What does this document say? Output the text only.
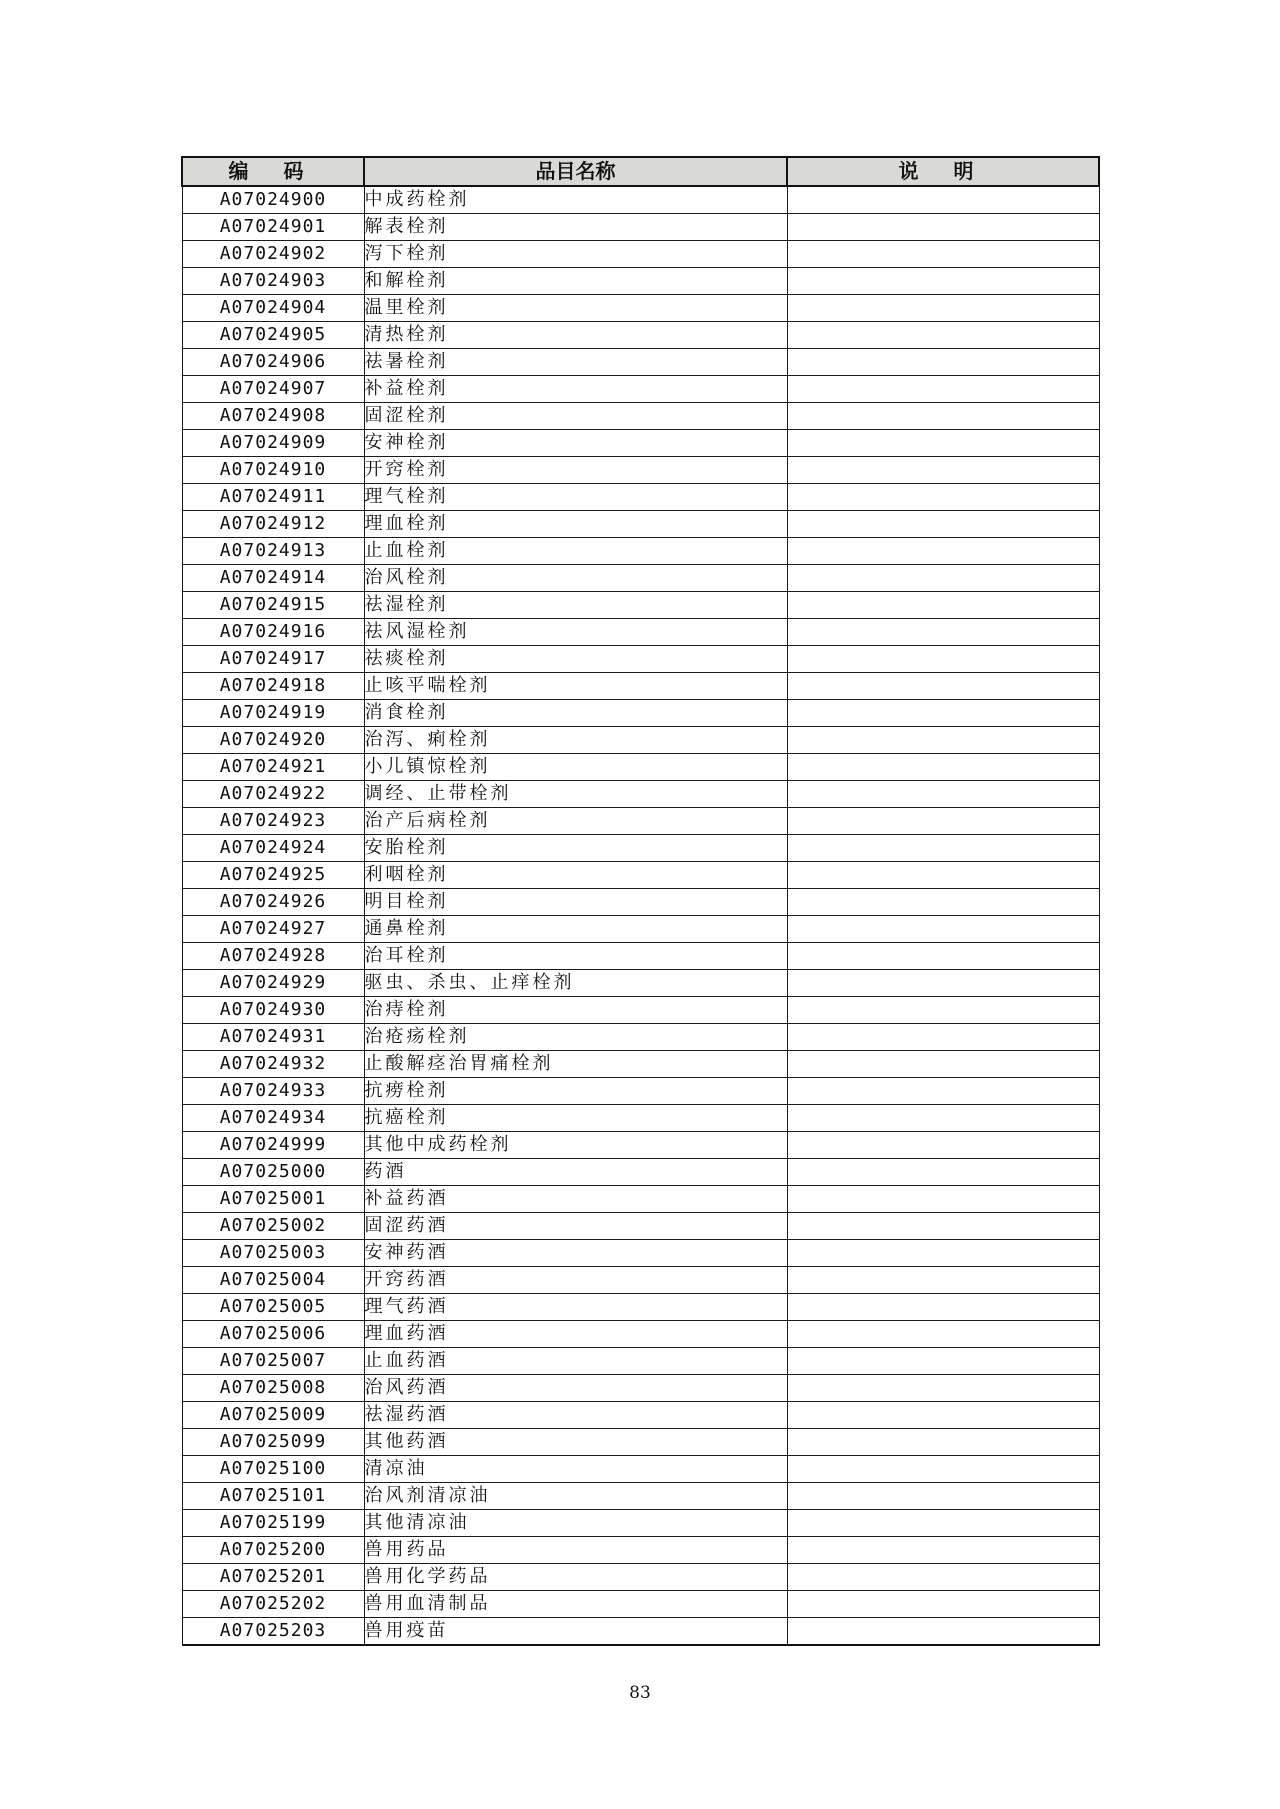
编 码	品目名称	说 明
A07024900	中成药栓剂	
A07024901	解表栓剂	
A07024902	泻下栓剂	
A07024903	和解栓剂	
A07024904	温里栓剂	
A07024905	清热栓剂	
A07024906	祛暑栓剂	
A07024907	补益栓剂	
A07024908	固涩栓剂	
A07024909	安神栓剂	
A07024910	开窍栓剂	
A07024911	理气栓剂	
A07024912	理血栓剂	
A07024913	止血栓剂	
A07024914	治风栓剂	
A07024915	祛湿栓剂	
A07024916	祛风湿栓剂	
A07024917	祛痰栓剂	
A07024918	止咳平喘栓剂	
A07024919	消食栓剂	
A07024920	治泻、痢栓剂	
A07024921	小儿镇惊栓剂	
A07024922	调经、止带栓剂	
A07024923	治产后病栓剂	
A07024924	安胎栓剂	
A07024925	利咽栓剂	
A07024926	明目栓剂	
A07024927	通鼻栓剂	
A07024928	治耳栓剂	
A07024929	驱虫、杀虫、止痒栓剂	
A07024930	治痔栓剂	
A07024931	治疮疡栓剂	
A07024932	止酸解痉治胃痛栓剂	
A07024933	抗痨栓剂	
A07024934	抗癌栓剂	
A07024999	其他中成药栓剂	
A07025000	药酒	
A07025001	补益药酒	
A07025002	固涩药酒	
A07025003	安神药酒	
A07025004	开窍药酒	
A07025005	理气药酒	
A07025006	理血药酒	
A07025007	止血药酒	
A07025008	治风药酒	
A07025009	祛湿药酒	
A07025099	其他药酒	
A07025100	清凉油	
A07025101	治风剂清凉油	
A07025199	其他清凉油	
A07025200	兽用药品	
A07025201	兽用化学药品	
A07025202	兽用血清制品	
A07025203	兽用疫苗	
83
